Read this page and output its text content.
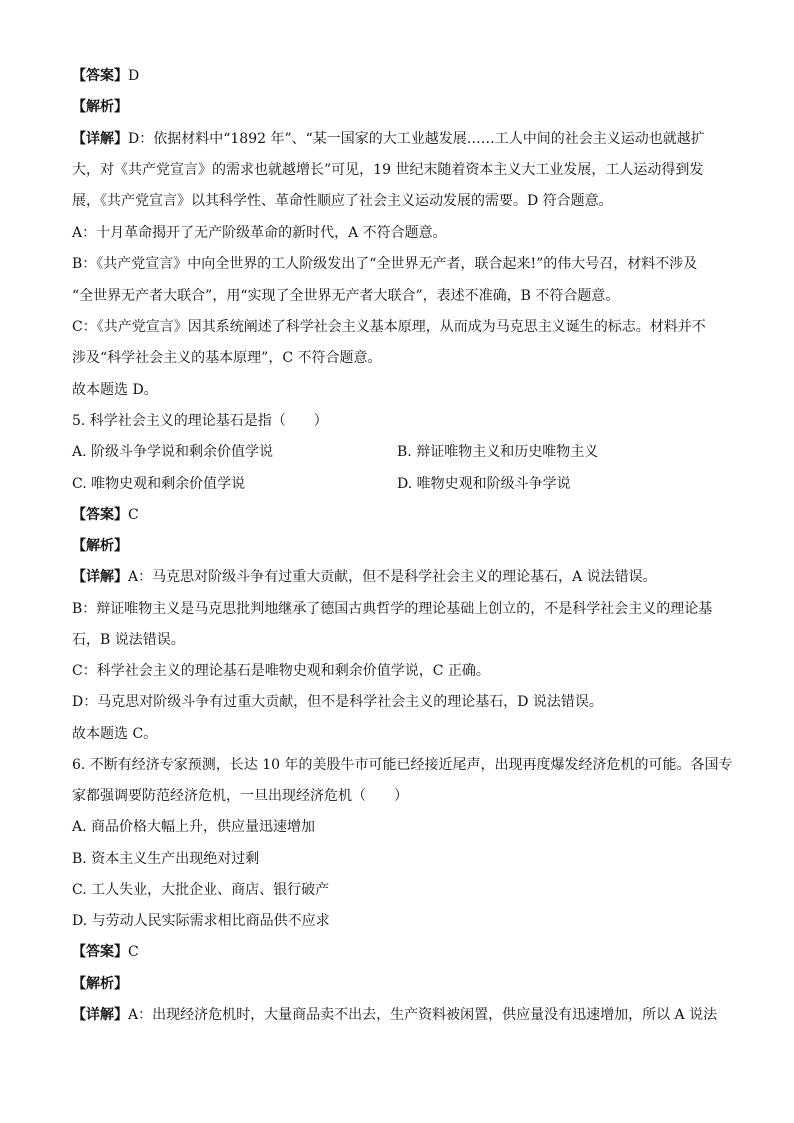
【答案】D
【解析】
【详解】D：依据材料中“1892 年”、“某一国家的大工业越发展……工人中间的社会主义运动也就越扩
大，对《共产党宣言》的需求也就越增长”可见，19 世纪末随着资本主义大工业发展，工人运动得到发
展，《共产党宣言》以其科学性、革命性顺应了社会主义运动发展的需要。D 符合题意。
A：十月革命揭开了无产阶级革命的新时代，A 不符合题意。
B：《共产党宣言》中向全世界的工人阶级发出了“全世界无产者，联合起来!”的伟大号召，材料不涉及
“全世界无产者大联合”，用“实现了全世界无产者大联合”，表述不准确，B 不符合题意。
C：《共产党宣言》因其系统阐述了科学社会主义基本原理，从而成为马克思主义诞生的标志。材料并不
涉及“科学社会主义的基本原理”，C 不符合题意。
故本题选 D。
5. 科学社会主义的理论基石是指（　　）
A. 阶级斗争学说和剩余价值学说	B. 辩证唯物主义和历史唯物主义
C. 唯物史观和剩余价值学说	D. 唯物史观和阶级斗争学说
【答案】C
【解析】
【详解】A：马克思对阶级斗争有过重大贡献，但不是科学社会主义的理论基石，A 说法错误。
B：辩证唯物主义是马克思批判地继承了德国古典哲学的理论基础上创立的，不是科学社会主义的理论基
石，B 说法错误。
C：科学社会主义的理论基石是唯物史观和剩余价值学说，C 正确。
D：马克思对阶级斗争有过重大贡献，但不是科学社会主义的理论基石，D 说法错误。
故本题选 C。
6. 不断有经济专家预测，长达 10 年的美股牛市可能已经接近尾声，出现再度爆发经济危机的可能。各国专
家都强调要防范经济危机，一旦出现经济危机（　　）
A. 商品价格大幅上升，供应量迅速增加
B. 资本主义生产出现绝对过剩
C. 工人失业，大批企业、商店、银行破产
D. 与劳动人民实际需求相比商品供不应求
【答案】C
【解析】
【详解】A：出现经济危机时，大量商品卖不出去，生产资料被闲置，供应量没有迅速增加，所以 A 说法
